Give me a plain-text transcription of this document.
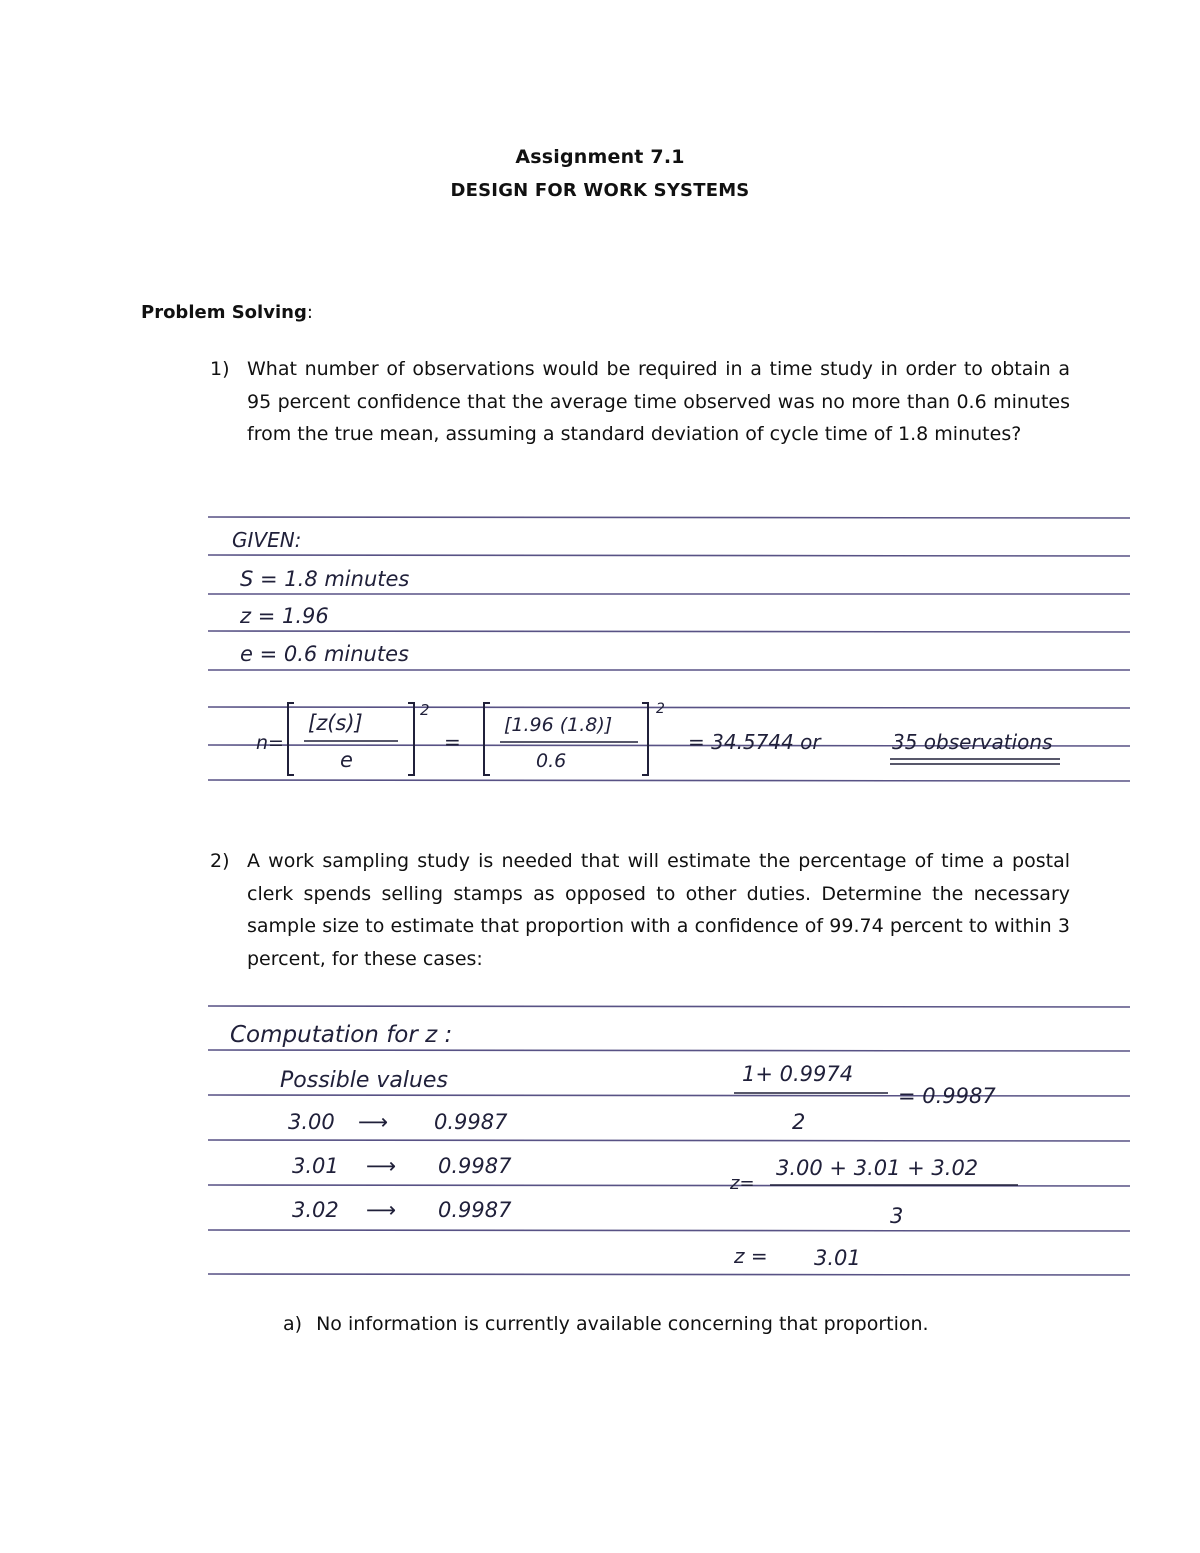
Assignment 7.1
DESIGN FOR WORK SYSTEMS
Problem Solving:
1) What number of observations would be required in a time study in order to obtain a 95 percent confidence that the average time observed was no more than 0.6 minutes from the true mean, assuming a standard deviation of cycle time of 1.8 minutes?
GIVEN:
S = 1.8 minutes
z = 1.96
e = 0.6 minutes
n=
[z(s)]
e
2
=
[1.96 (1.8)]
0.6
2
= 34.5744 or	35 observations
2) A work sampling study is needed that will estimate the percentage of time a postal clerk spends selling stamps as opposed to other duties. Determine the necessary sample size to estimate that proportion with a confidence of 99.74 percent to within 3 percent, for these cases:
Computation for z :
Possible values
3.00 ⟶ 0.9987
3.01 ⟶ 0.9987
3.02 ⟶ 0.9987
1+ 0.9974
2
= 0.9987
z=
3.00 + 3.01 + 3.02
3
z = 3.01
a) No information is currently available concerning that proportion.
